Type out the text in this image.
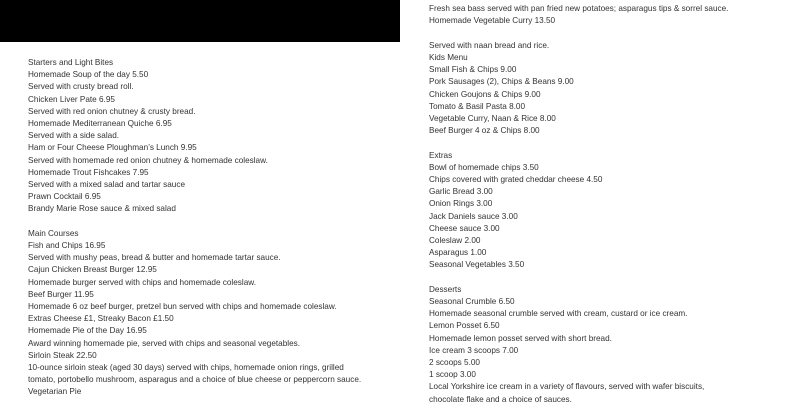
Starters and Light Bites
Homemade Soup of the day 5.50
Served with crusty bread roll.
Chicken Liver Pate 6.95
Served with red onion chutney & crusty bread.
Homemade Mediterranean Quiche 6.95
Served with a side salad.
Ham or Four Cheese Ploughman’s Lunch 9.95
Served with homemade red onion chutney & homemade coleslaw.
Homemade Trout Fishcakes 7.95
Served with a mixed salad and tartar sauce
Prawn Cocktail 6.95
Brandy Marie Rose sauce & mixed salad
Main Courses
Fish and Chips 16.95
Served with mushy peas, bread & butter and homemade tartar sauce.
Cajun Chicken Breast Burger 12.95
Homemade burger served with chips and homemade coleslaw.
Beef Burger 11.95
Homemade 6 oz beef burger, pretzel bun served with chips and homemade coleslaw.
Extras Cheese £1, Streaky Bacon £1.50
Homemade Pie of the Day 16.95
Award winning homemade pie, served with chips and seasonal vegetables.
Sirloin Steak 22.50
10-ounce sirloin steak (aged 30 days) served with chips, homemade onion rings, grilled
tomato, portobello mushroom, asparagus and a choice of blue cheese or peppercorn sauce.
Vegetarian Pie
Fresh sea bass served with pan fried new potatoes; asparagus tips & sorrel sauce.
Homemade Vegetable Curry 13.50
Served with naan bread and rice.
Kids Menu
Small Fish & Chips 9.00
Pork Sausages (2), Chips & Beans 9.00
Chicken Goujons & Chips 9.00
Tomato & Basil Pasta 8.00
Vegetable Curry, Naan & Rice 8.00
Beef Burger 4 oz & Chips 8.00
Extras
Bowl of homemade chips 3.50
Chips covered with grated cheddar cheese 4.50
Garlic Bread 3.00
Onion Rings 3.00
Jack Daniels sauce 3.00
Cheese sauce 3.00
Coleslaw 2.00
Asparagus 1.00
Seasonal Vegetables 3.50
Desserts
Seasonal Crumble 6.50
Homemade seasonal crumble served with cream, custard or ice cream.
Lemon Posset 6.50
Homemade lemon posset served with short bread.
Ice cream 3 scoops 7.00
2 scoops 5.00
1 scoop 3.00
Local Yorkshire ice cream in a variety of flavours, served with wafer biscuits,
chocolate flake and a choice of sauces.
